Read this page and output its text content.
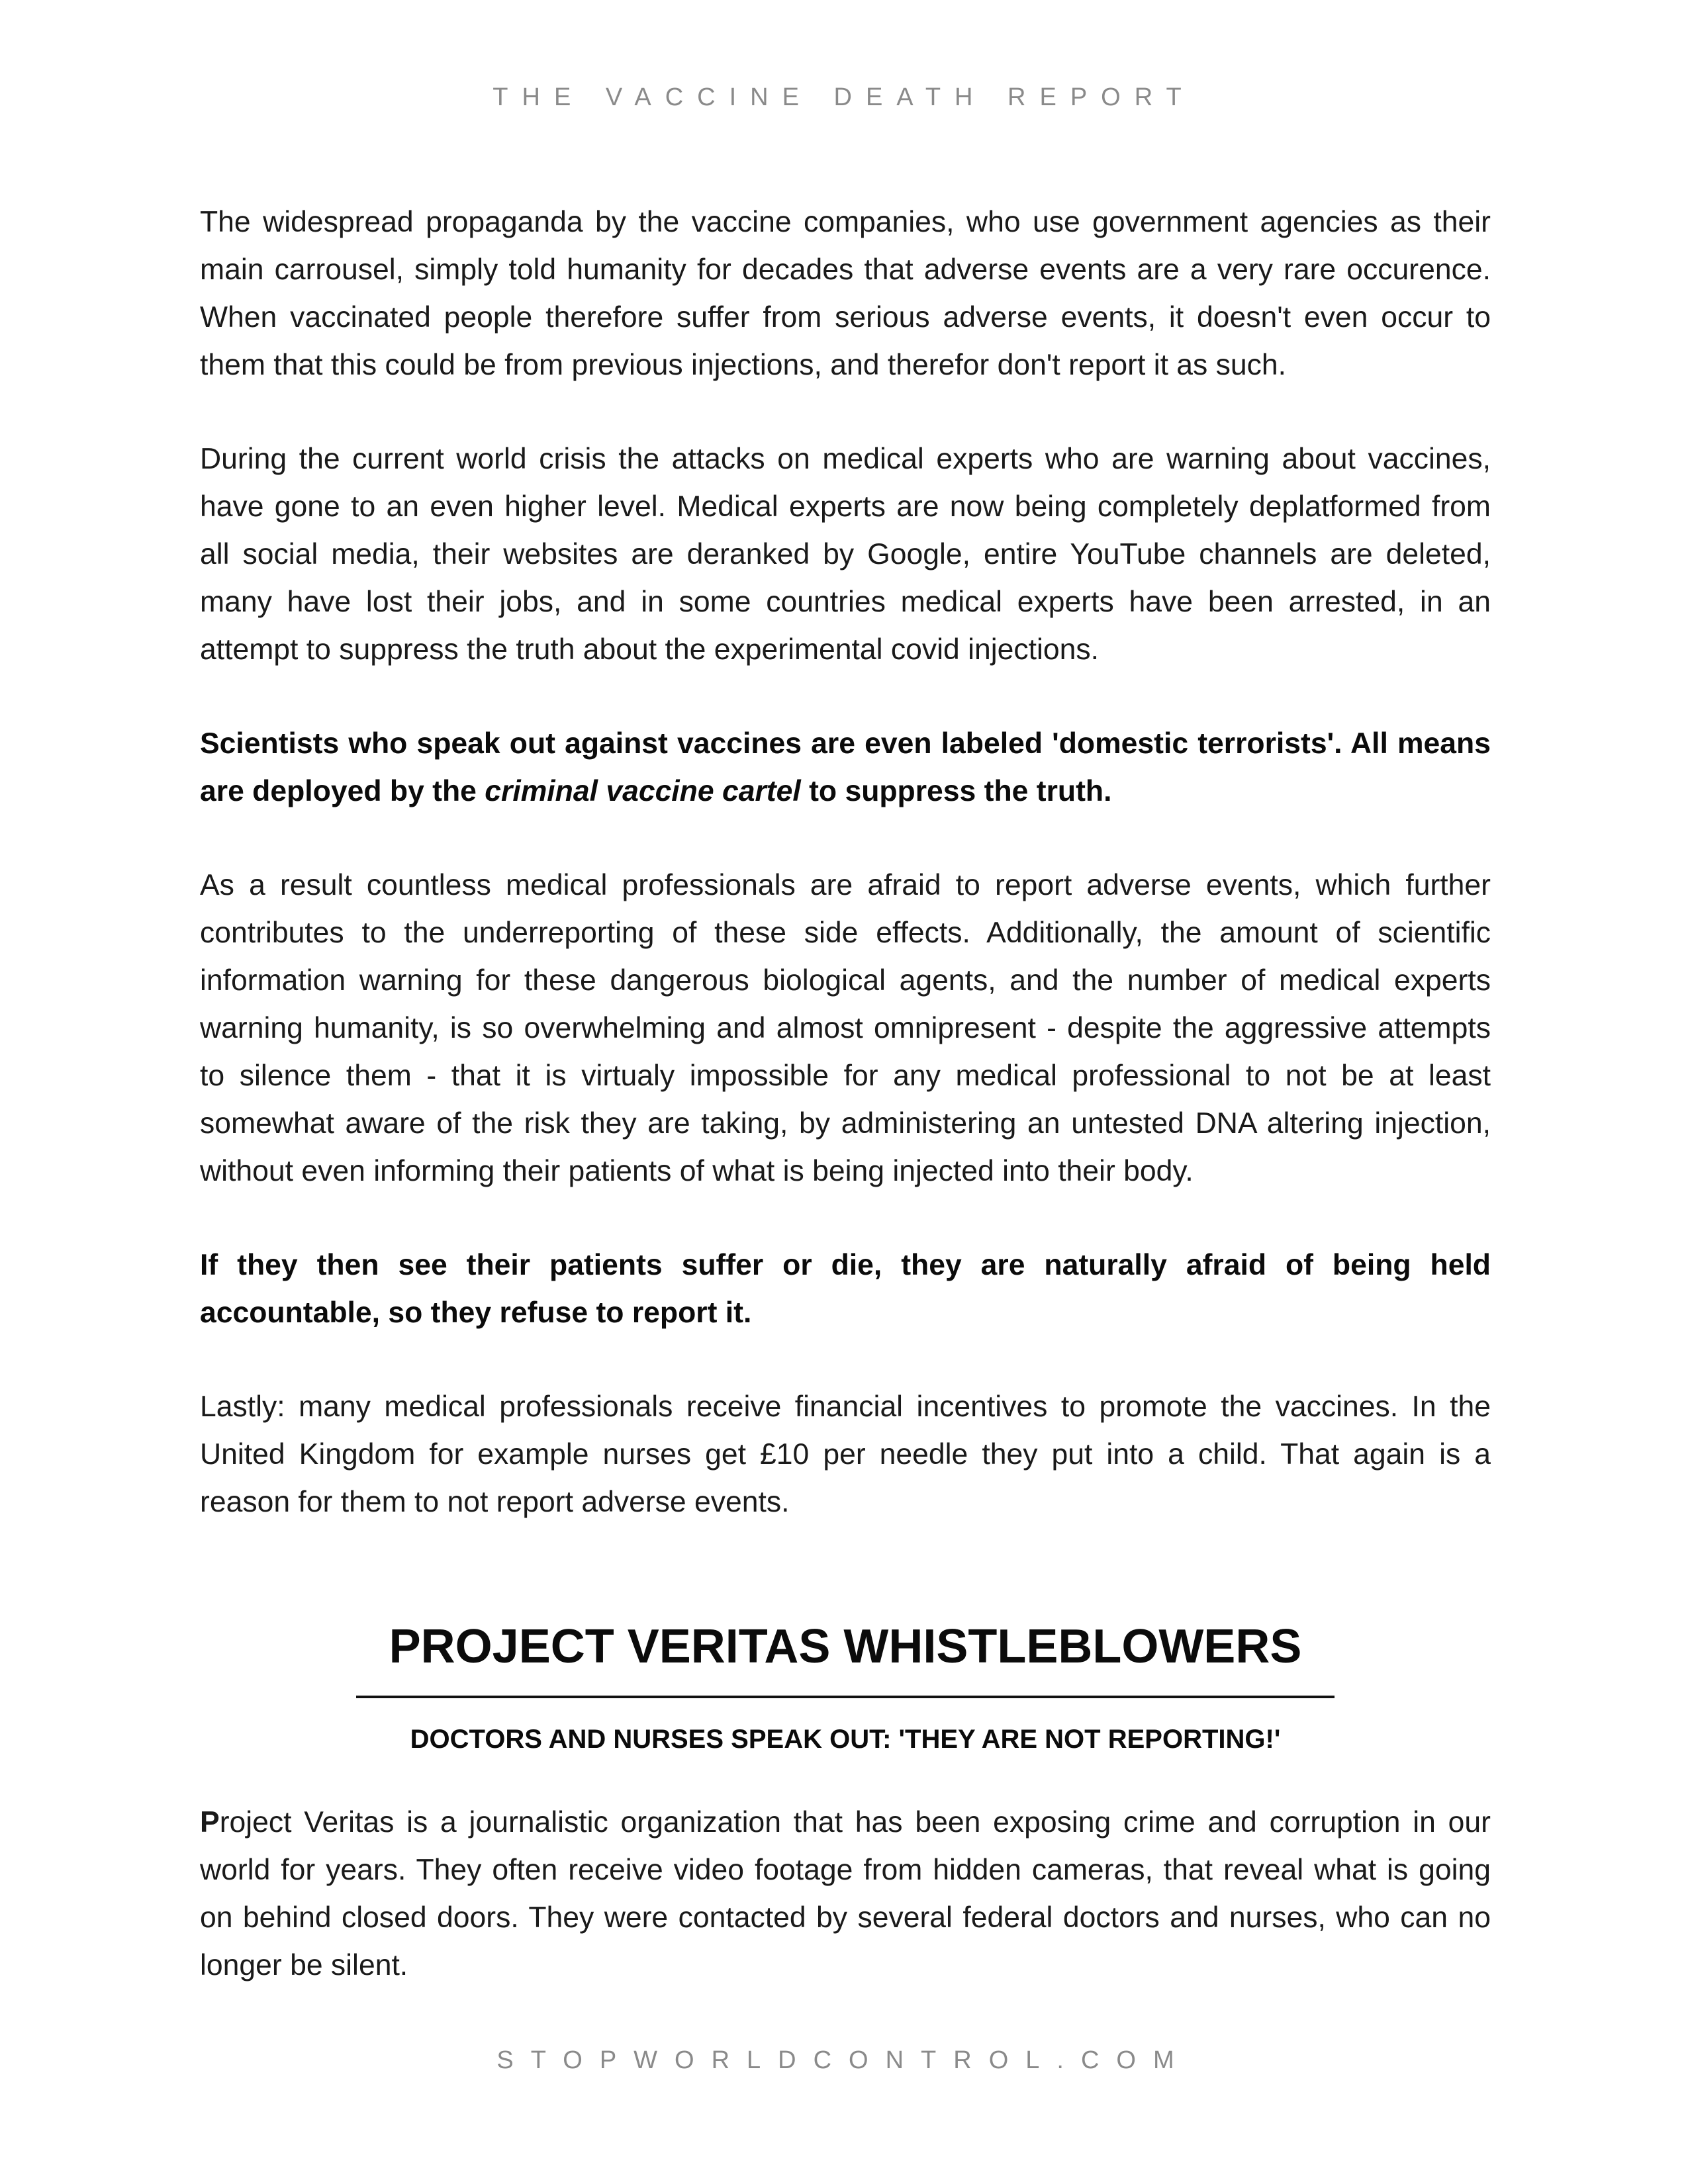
THE VACCINE DEATH REPORT

The widespread propaganda by the vaccine companies, who use government agencies as their main carrousel, simply told humanity for decades that adverse events are a very rare occurence. When vaccinated people therefore suffer from serious adverse events, it doesn't even occur to them that this could be from previous injections, and therefor don't report it as such.

During the current world crisis the attacks on medical experts who are warning about vaccines, have gone to an even higher level. Medical experts are now being completely deplatformed from all social media, their websites are deranked by Google, entire YouTube channels are deleted, many have lost their jobs, and in some countries medical experts have been arrested, in an attempt to suppress the truth about the experimental covid injections.

Scientists who speak out against vaccines are even labeled 'domestic terrorists'. All means are deployed by the criminal vaccine cartel to suppress the truth.

As a result countless medical professionals are afraid to report adverse events, which further contributes to the underreporting of these side effects. Additionally, the amount of scientific information warning for these dangerous biological agents, and the number of medical experts warning humanity, is so overwhelming and almost omnipresent - despite the aggressive attempts to silence them - that it is virtualy impossible for any medical professional to not be at least somewhat aware of the risk they are taking, by administering an untested DNA altering injection, without even informing their patients of what is being injected into their body.

If they then see their patients suffer or die, they are naturally afraid of being held accountable, so they refuse to report it.

Lastly: many medical professionals receive financial incentives to promote the vaccines. In the United Kingdom for example nurses get £10 per needle they put into a child. That again is a reason for them to not report adverse events.

PROJECT VERITAS WHISTLEBLOWERS
DOCTORS AND NURSES SPEAK OUT: 'THEY ARE NOT REPORTING!'

Project Veritas is a journalistic organization that has been exposing crime and corruption in our world for years. They often receive video footage from hidden cameras, that reveal what is going on behind closed doors. They were contacted by several federal doctors and nurses, who can no longer be silent.

STOPWORLDCONTROL.COM
